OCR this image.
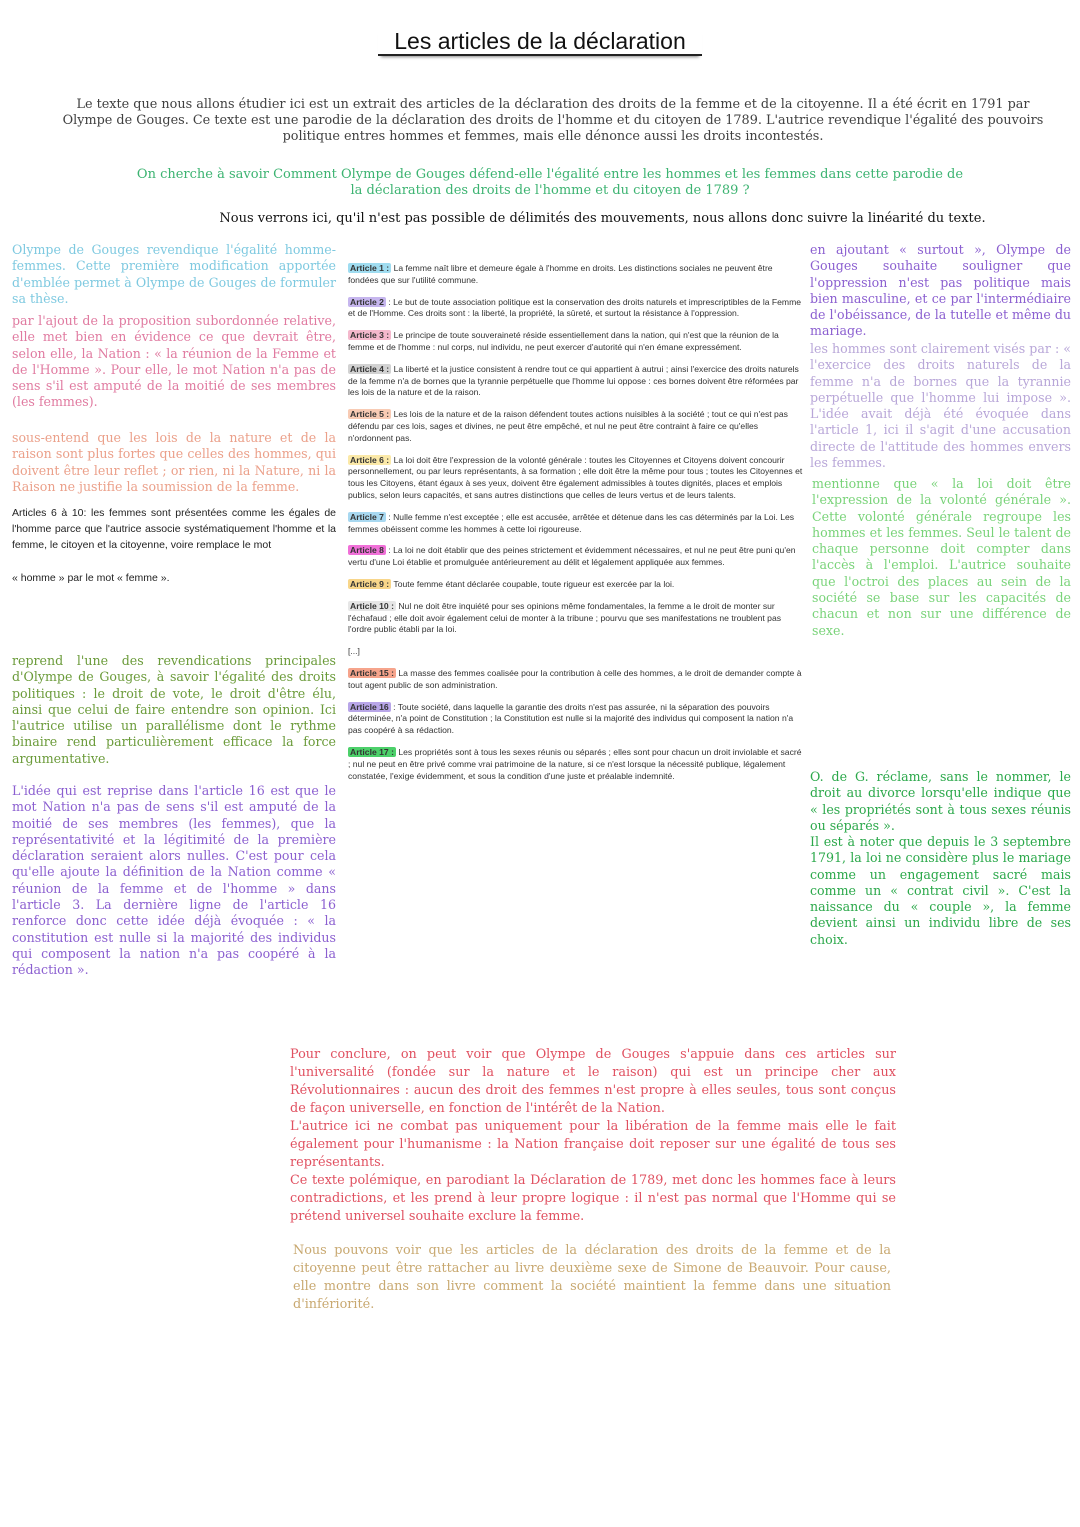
Les articles de la déclaration
Le texte que nous allons étudier ici est un extrait des articles de la déclaration des droits de la femme et de la citoyenne. Il a été écrit en 1791 par Olympe de Gouges. Ce texte est une parodie de la déclaration des droits de l'homme et du citoyen de 1789. L'autrice revendique l'égalité des pouvoirs politique entres hommes et femmes, mais elle dénonce aussi les droits incontestés.
On cherche à savoir Comment Olympe de Gouges défend-elle l'égalité entre les hommes et les femmes dans cette parodie de la déclaration des droits de l'homme et du citoyen de 1789 ?
Nous verrons ici, qu'il n'est pas possible de délimités des mouvements, nous allons donc suivre la linéarité du texte.

Olympe de Gouges revendique l'égalité homme-femmes. Cette première modification apportée d'emblée permet à Olympe de Gouges de formuler sa thèse.

par l'ajout de la proposition subordonnée relative, elle met bien en évidence ce que devrait être, selon elle, la Nation : « la réunion de la Femme et de l'Homme ». Pour elle, le mot Nation n'a pas de sens s'il est amputé de la moitié de ses membres (les femmes).

sous-entend que les lois de la nature et de la raison sont plus fortes que celles des hommes, qui doivent être leur reflet ; or rien, ni la Nature, ni la Raison ne justifie la soumission de la femme.

Articles 6 à 10: les femmes sont présentées comme les égales de l'homme parce que l'autrice associe systématiquement l'homme et la femme, le citoyen et la citoyenne, voire remplace le mot

« homme » par le mot « femme ».

reprend l'une des revendications principales d'Olympe de Gouges, à savoir l'égalité des droits politiques : le droit de vote, le droit d'être élu, ainsi que celui de faire entendre son opinion. Ici l'autrice utilise un parallélisme dont le rythme binaire rend particulièrement efficace la force argumentative.

L'idée qui est reprise dans l'article 16 est que le mot Nation n'a pas de sens s'il est amputé de la moitié de ses membres (les femmes), que la représentativité et la légitimité de la première déclaration seraient alors nulles. C'est pour cela qu'elle ajoute la définition de la Nation comme « réunion de la femme et de l'homme » dans l'article 3. La dernière ligne de l'article 16 renforce donc cette idée déjà évoquée : « la constitution est nulle si la majorité des individus qui composent la nation n'a pas coopéré à la rédaction ».

Article 1 : La femme naît libre et demeure égale à l'homme en droits. Les distinctions sociales ne peuvent être fondées que sur l'utilité commune.

Article 2 : Le but de toute association politique est la conservation des droits naturels et imprescriptibles de la Femme et de l'Homme. Ces droits sont : la liberté, la propriété, la sûreté, et surtout la résistance à l'oppression.

Article 3 : Le principe de toute souveraineté réside essentiellement dans la nation, qui n'est que la réunion de la femme et de l'homme : nul corps, nul individu, ne peut exercer d'autorité qui n'en émane expressément.

Article 4 : La liberté et la justice consistent à rendre tout ce qui appartient à autrui ; ainsi l'exercice des droits naturels de la femme n'a de bornes que la tyrannie perpétuelle que l'homme lui oppose : ces bornes doivent être réformées par les lois de la nature et de la raison.

Article 5 : Les lois de la nature et de la raison défendent toutes actions nuisibles à la société ; tout ce qui n'est pas défendu par ces lois, sages et divines, ne peut être empêché, et nul ne peut être contraint à faire ce qu'elles n'ordonnent pas.

Article 6 : La loi doit être l'expression de la volonté générale : toutes les Citoyennes et Citoyens doivent concourir personnellement, ou par leurs représentants, à sa formation ; elle doit être la même pour tous ; toutes les Citoyennes et tous les Citoyens, étant égaux à ses yeux, doivent être également admissibles à toutes dignités, places et emplois publics, selon leurs capacités, et sans autres distinctions que celles de leurs vertus et de leurs talents.

Article 7 : Nulle femme n'est exceptée ; elle est accusée, arrêtée et détenue dans les cas déterminés par la Loi. Les femmes obéissent comme les hommes à cette loi rigoureuse.

Article 8 : La loi ne doit établir que des peines strictement et évidemment nécessaires, et nul ne peut être puni qu'en vertu d'une Loi établie et promulguée antérieurement au délit et légalement appliquée aux femmes.

Article 9 : Toute femme étant déclarée coupable, toute rigueur est exercée par la loi.

Article 10 : Nul ne doit être inquiété pour ses opinions même fondamentales, la femme a le droit de monter sur l'échafaud ; elle doit avoir également celui de monter à la tribune ; pourvu que ses manifestations ne troublent pas l'ordre public établi par la loi.

[...]

Article 15 : La masse des femmes coalisée pour la contribution à celle des hommes, a le droit de demander compte à tout agent public de son administration.

Article 16 : Toute société, dans laquelle la garantie des droits n'est pas assurée, ni la séparation des pouvoirs déterminée, n'a point de Constitution ; la Constitution est nulle si la majorité des individus qui composent la nation n'a pas coopéré à sa rédaction.

Article 17 : Les propriétés sont à tous les sexes réunis ou séparés ; elles sont pour chacun un droit inviolable et sacré ; nul ne peut en être privé comme vrai patrimoine de la nature, si ce n'est lorsque la nécessité publique, légalement constatée, l'exige évidemment, et sous la condition d'une juste et préalable indemnité.

en ajoutant « surtout », Olympe de Gouges souhaite souligner que l'oppression n'est pas politique mais bien masculine, et ce par l'intermédiaire de l'obéissance, de la tutelle et même du mariage.

les hommes sont clairement visés par : « l'exercice des droits naturels de la femme n'a de bornes que la tyrannie perpétuelle que l'homme lui impose ». L'idée avait déjà été évoquée dans l'article 1, ici il s'agit d'une accusation directe de l'attitude des hommes envers les femmes.

mentionne que « la loi doit être l'expression de la volonté générale ». Cette volonté générale regroupe les hommes et les femmes. Seul le talent de chaque personne doit compter dans l'accès à l'emploi. L'autrice souhaite que l'octroi des places au sein de la société se base sur les capacités de chacun et non sur une différence de sexe.

O. de G. réclame, sans le nommer, le droit au divorce lorsqu'elle indique que « les propriétés sont à tous sexes réunis ou séparés ».

Il est à noter que depuis le 3 septembre 1791, la loi ne considère plus le mariage comme un engagement sacré mais comme un « contrat civil ». C'est la naissance du « couple », la femme devient ainsi un individu libre de ses choix.

Pour conclure, on peut voir que Olympe de Gouges s'appuie dans ces articles sur l'universalité (fondée sur la nature et le raison) qui est un principe cher aux Révolutionnaires : aucun des droit des femmes n'est propre à elles seules, tous sont conçus de façon universelle, en fonction de l'intérêt de la Nation.

L'autrice ici ne combat pas uniquement pour la libération de la femme mais elle le fait également pour l'humanisme : la Nation française doit reposer sur une égalité de tous ses représentants.

Ce texte polémique, en parodiant la Déclaration de 1789, met donc les hommes face à leurs contradictions, et les prend à leur propre logique : il n'est pas normal que l'Homme qui se prétend universel souhaite exclure la femme.

Nous pouvons voir que les articles de la déclaration des droits de la femme et de la citoyenne peut être rattacher au livre deuxième sexe de Simone de Beauvoir. Pour cause, elle montre dans son livre comment la société maintient la femme dans une situation d'infériorité.
